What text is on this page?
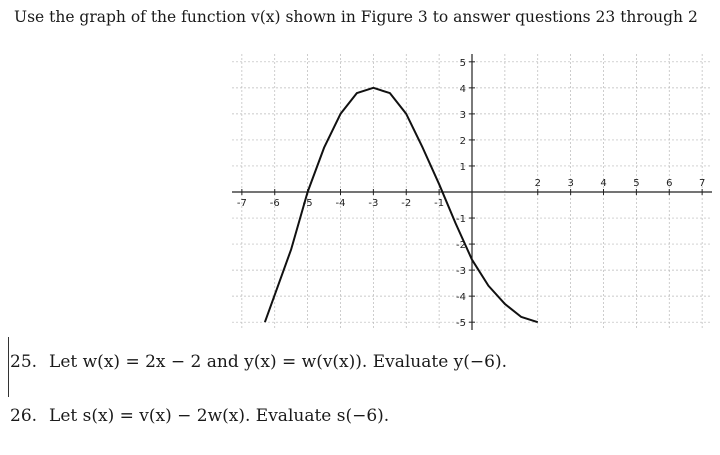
Use the graph of the function v(x) shown in Figure 3 to answer questions 23 through 2
-7 -6 -5 -4 -3 -2 -1
2	3	4	5	6	7
5
4
3
2
1
-1
-2
-3
-4
-5
25. Let w(x) = 2x − 2 and y(x) = w(v(x)). Evaluate y(−6).
26. Let s(x) = v(x) − 2w(x). Evaluate s(−6).
